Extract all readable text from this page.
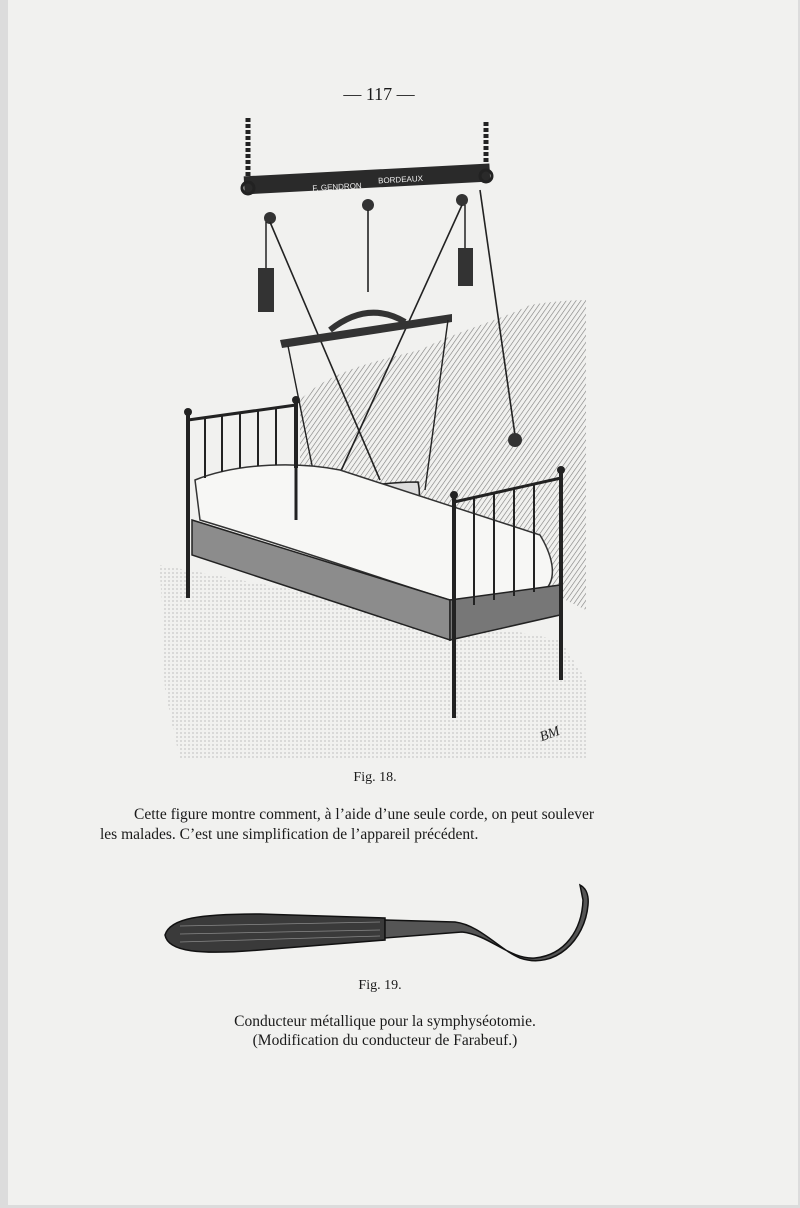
— 117 —
F. GENDRON
BORDEAUX
BM
Fig. 18.
Cette figure montre comment, à l’aide d’une seule corde, on peut soulever
les malades. C’est une simplification de l’appareil précédent.
Fig. 19.
Conducteur métallique pour la symphyséotomie.
(Modification du conducteur de Farabeuf.)
